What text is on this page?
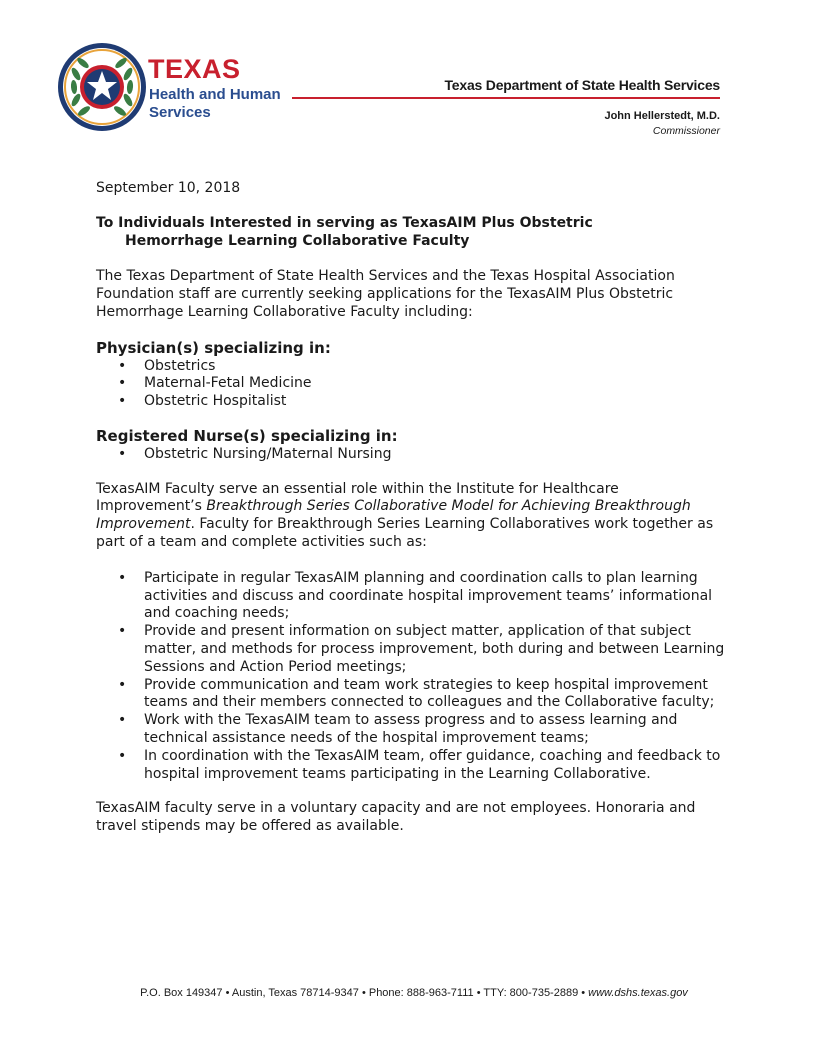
TEXAS
Health and Human
Services
Texas Department of State Health Services
John Hellerstedt, M.D.
Commissioner

September 10, 2018

To Individuals Interested in serving as TexasAIM Plus Obstetric
Hemorrhage Learning Collaborative Faculty

The Texas Department of State Health Services and the Texas Hospital Association Foundation staff are currently seeking applications for the TexasAIM Plus Obstetric Hemorrhage Learning Collaborative Faculty including:

Physician(s) specializing in:
• Obstetrics
• Maternal-Fetal Medicine
• Obstetric Hospitalist
Registered Nurse(s) specializing in:
• Obstetric Nursing/Maternal Nursing

TexasAIM Faculty serve an essential role within the Institute for Healthcare Improvement’s Breakthrough Series Collaborative Model for Achieving Breakthrough Improvement. Faculty for Breakthrough Series Learning Collaboratives work together as part of a team and complete activities such as:

• Participate in regular TexasAIM planning and coordination calls to plan learning activities and discuss and coordinate hospital improvement teams’ informational and coaching needs;
• Provide and present information on subject matter, application of that subject matter, and methods for process improvement, both during and between Learning Sessions and Action Period meetings;
• Provide communication and team work strategies to keep hospital improvement teams and their members connected to colleagues and the Collaborative faculty;
• Work with the TexasAIM team to assess progress and to assess learning and technical assistance needs of the hospital improvement teams;
• In coordination with the TexasAIM team, offer guidance, coaching and feedback to hospital improvement teams participating in the Learning Collaborative.

TexasAIM faculty serve in a voluntary capacity and are not employees. Honoraria and travel stipends may be offered as available.

P.O. Box 149347 • Austin, Texas 78714-9347 • Phone: 888-963-7111 • TTY: 800-735-2889 • www.dshs.texas.gov
